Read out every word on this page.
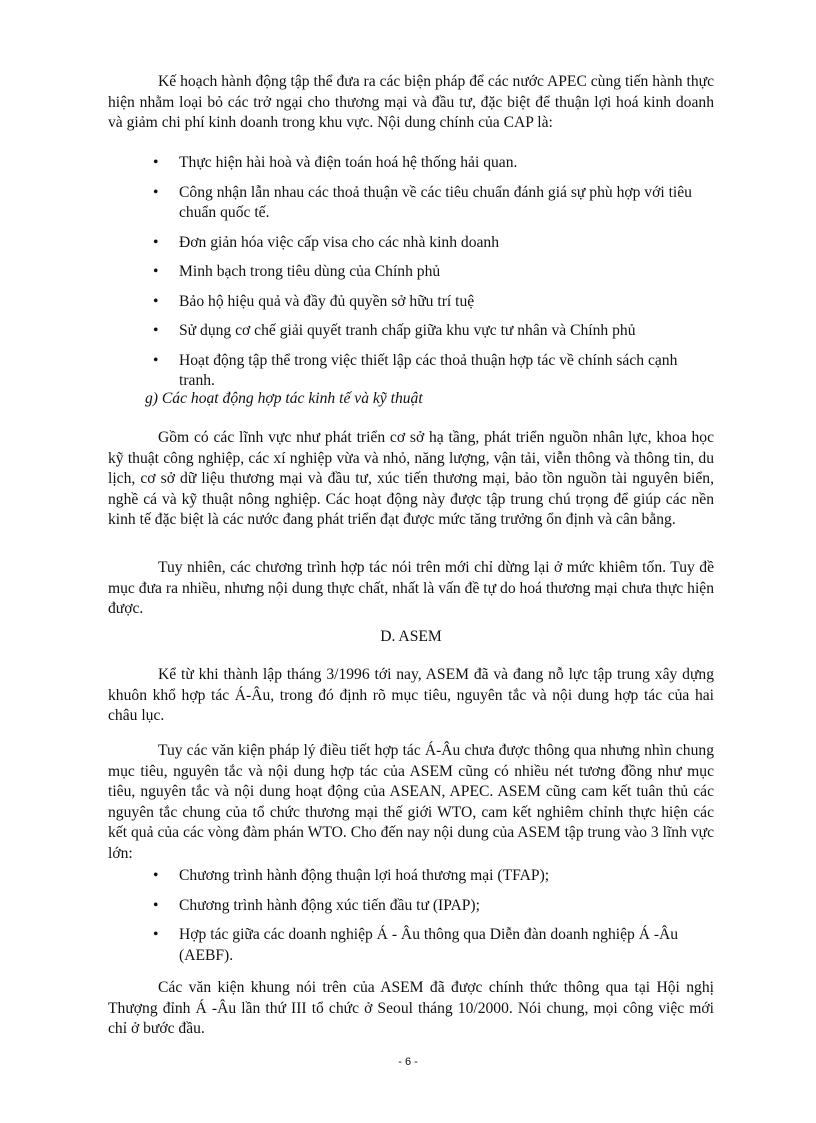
Kế hoạch hành động tập thể đưa ra các biện pháp để các nước APEC cùng tiến hành thực hiện nhằm loại bỏ các trở ngại cho thương mại và đầu tư, đặc biệt để thuận lợi hoá kinh doanh và giảm chi phí kinh doanh trong khu vực. Nội dung chính của CAP là:

• Thực hiện hài hoà và điện toán hoá hệ thống hải quan.
• Công nhận lẫn nhau các thoả thuận về các tiêu chuẩn đánh giá sự phù hợp với tiêu chuẩn quốc tế.
• Đơn giản hóa việc cấp visa cho các nhà kinh doanh
• Minh bạch trong tiêu dùng của Chính phủ
• Bảo hộ hiệu quả và đầy đủ quyền sở hữu trí tuệ
• Sử dụng cơ chế giải quyết tranh chấp giữa khu vực tư nhân và Chính phủ
• Hoạt động tập thể trong việc thiết lập các thoả thuận hợp tác về chính sách cạnh tranh.

g) Các hoạt động hợp tác kinh tế và kỹ thuật

Gồm có các lĩnh vực như phát triển cơ sở hạ tầng, phát triển nguồn nhân lực, khoa học kỹ thuật công nghiệp, các xí nghiệp vừa và nhỏ, năng lượng, vận tải, viễn thông và thông tin, du lịch, cơ sở dữ liệu thương mại và đầu tư, xúc tiến thương mại, bảo tồn nguồn tài nguyên biển, nghề cá và kỹ thuật nông nghiệp. Các hoạt động này được tập trung chú trọng để giúp các nền kinh tế đặc biệt là các nước đang phát triển đạt được mức tăng trưởng ổn định và cân bằng.

Tuy nhiên, các chương trình hợp tác nói trên mới chỉ dừng lại ở mức khiêm tốn. Tuy đề mục đưa ra nhiều, nhưng nội dung thực chất, nhất là vấn đề tự do hoá thương mại chưa thực hiện được.

D. ASEM

Kể từ khi thành lập tháng 3/1996 tới nay, ASEM đã và đang nỗ lực tập trung xây dựng khuôn khổ hợp tác Á-Âu, trong đó định rõ mục tiêu, nguyên tắc và nội dung hợp tác của hai châu lục.

Tuy các văn kiện pháp lý điều tiết hợp tác Á-Âu chưa được thông qua nhưng nhìn chung mục tiêu, nguyên tắc và nội dung hợp tác của ASEM cũng có nhiều nét tương đồng như mục tiêu, nguyên tắc và nội dung hoạt động của ASEAN, APEC. ASEM cũng cam kết tuân thủ các nguyên tắc chung của tổ chức thương mại thế giới WTO, cam kết nghiêm chỉnh thực hiện các kết quả của các vòng đàm phán WTO. Cho đến nay nội dung của ASEM tập trung vào 3 lĩnh vực lớn:

• Chương trình hành động thuận lợi hoá thương mại (TFAP);
• Chương trình hành động xúc tiến đầu tư (IPAP);
• Hợp tác giữa các doanh nghiệp Á - Âu thông qua Diễn đàn doanh nghiệp Á -Âu (AEBF).

Các văn kiện khung nói trên của ASEM đã được chính thức thông qua tại Hội nghị Thượng đỉnh Á -Âu lần thứ III tổ chức ở Seoul tháng 10/2000. Nói chung, mọi công việc mới chỉ ở bước đầu.

- 6 -
